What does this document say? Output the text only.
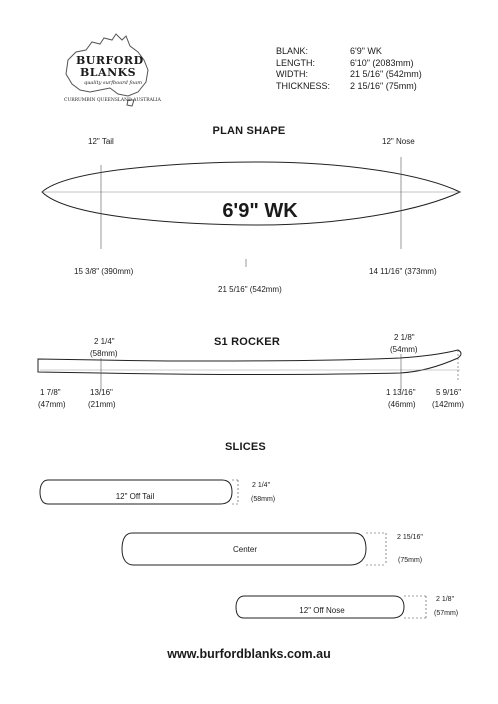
BURFORD
BLANKS
quality surfboard foam
CURRUMBIN QUEENSLAND AUSTRALIA
BLANK:	6'9" WK
LENGTH:	6'10" (2083mm)
WIDTH:	21 5/16" (542mm)
THICKNESS:	2 15/16" (75mm)
PLAN SHAPE
12" Tail	12" Nose
6'9" WK
15 3/8" (390mm)	14 11/16" (373mm)
21 5/16" (542mm)
S1 ROCKER
2 1/4"
(58mm)
2 1/8"
(54mm)
1 7/8"
(47mm)
13/16"
(21mm)
1 13/16"
(46mm)
5 9/16"
(142mm)
SLICES
12" Off Tail
2 1/4"
(58mm)
Center
2 15/16"
(75mm)
12" Off Nose
2 1/8"
(57mm)
www.burfordblanks.com.au
